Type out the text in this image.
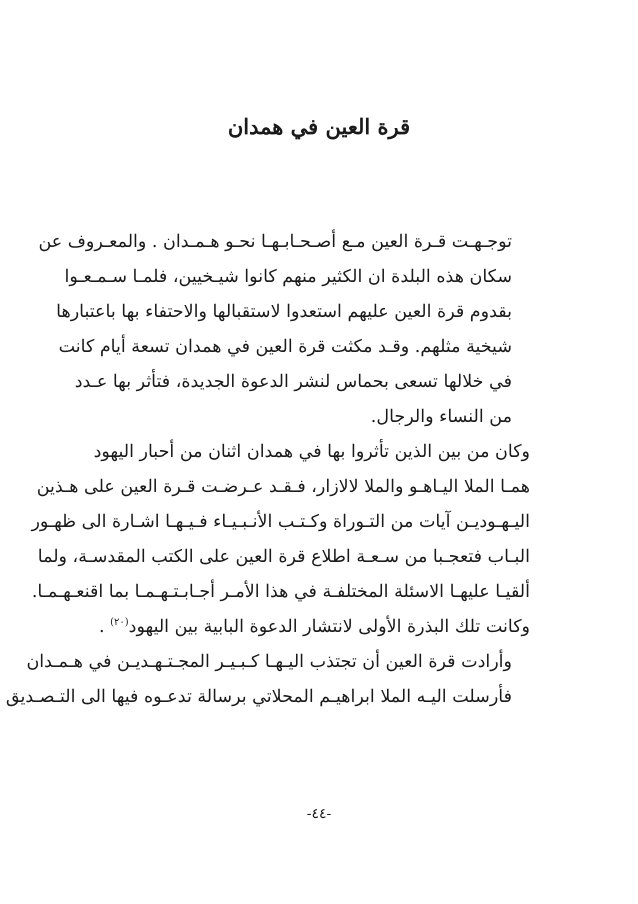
قرة العين في همدان

توجـهـت قـرة العين مـع أصـحـابـهـا نحـو هـمـدان . والمعـروف عن
سكان هذه البلدة ان الكثير منهم كانوا شيـخيين، فلمـا سـمـعـوا
بقدوم قرة العين عليهم استعدوا لاستقبالها والاحتفاء بها باعتبارها
شيخية مثلهم. وقـد مكثت قرة العين في همدان تسعة أيام كانت
في خلالها تسعى بحماس لنشر الدعوة الجديدة، فتأثر بها عـدد
من النساء والرجال.

وكان من بين الذين تأثروا بها في همدان اثنان من أحبار اليهود
همـا الملا اليـاهـو والملا لالازار، فـقـد عـرضـت قـرة العين على هـذين
اليـهـوديـن آيات من التـوراة وكـتـب الأنـبـيـاء فـيـهـا اشـارة الى ظهـور
البـاب فتعجـبا من سـعـة اطلاع قرة العين على الكتب المقدسـة، ولما
ألقيـا عليهـا الاسئلة المختلفـة في هذا الأمـر أجـابـتـهـمـا بما اقنعـهـمـا.
وكانت تلك البذرة الأولى لانتشار الدعوة البابية بين اليهود$^{(٢٠)}$ .

وأرادت قرة العين أن تجتذب اليـهـا كـبـيـر المجـتـهـديـن في هـمـدان
فأرسلت اليـه الملا ابراهيـم المحلاتي برسالة تدعـوه فيها الى التـصـديق

-٤٤-
